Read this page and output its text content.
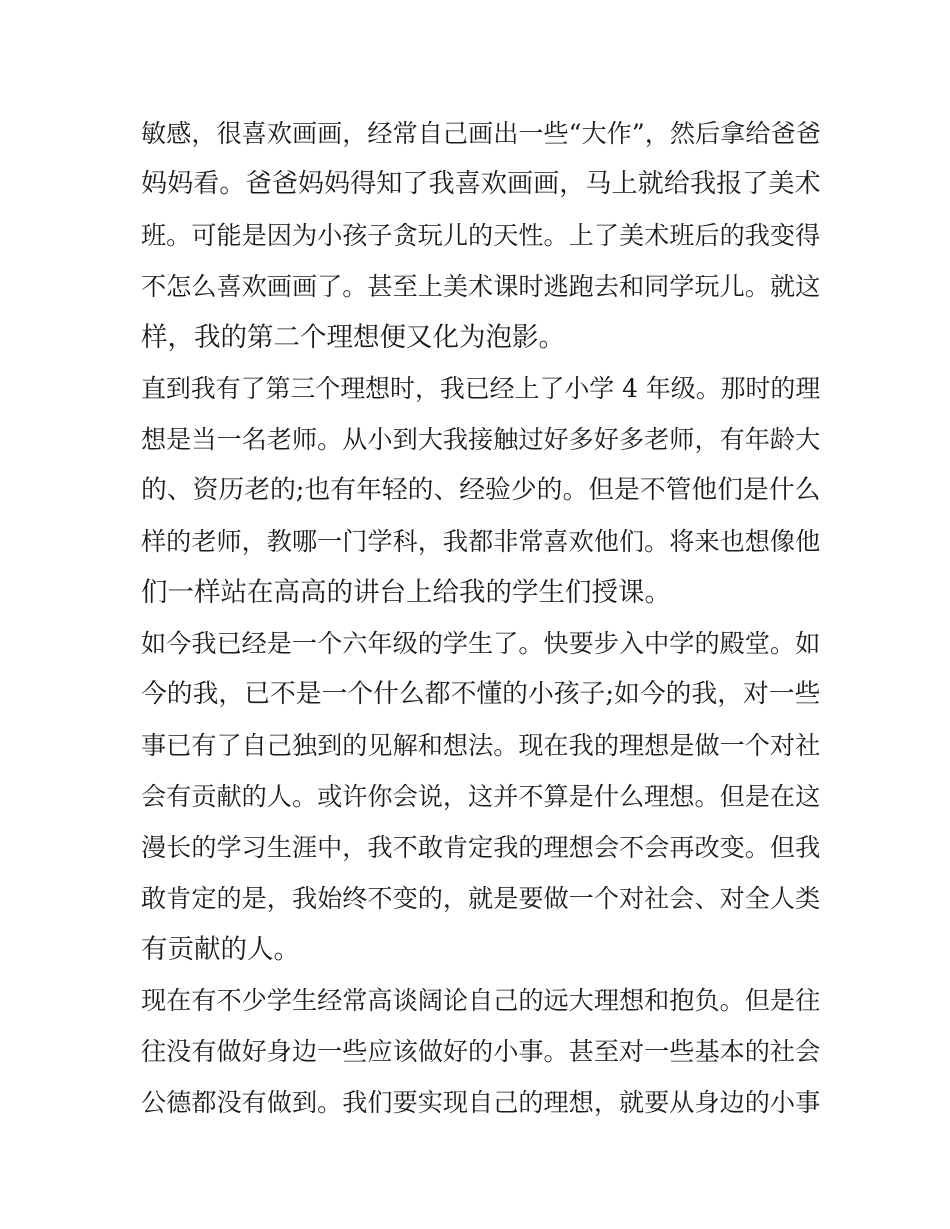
敏感，很喜欢画画，经常自己画出一些“大作”，然后拿给爸爸
妈妈看。爸爸妈妈得知了我喜欢画画，马上就给我报了美术
班。可能是因为小孩子贪玩儿的天性。上了美术班后的我变得
不怎么喜欢画画了。甚至上美术课时逃跑去和同学玩儿。就这
样，我的第二个理想便又化为泡影。
直到我有了第三个理想时，我已经上了小学 4 年级。那时的理
想是当一名老师。从小到大我接触过好多好多老师，有年龄大
的、资历老的;也有年轻的、经验少的。但是不管他们是什么
样的老师，教哪一门学科，我都非常喜欢他们。将来也想像他
们一样站在高高的讲台上给我的学生们授课。
如今我已经是一个六年级的学生了。快要步入中学的殿堂。如
今的我，已不是一个什么都不懂的小孩子;如今的我，对一些
事已有了自己独到的见解和想法。现在我的理想是做一个对社
会有贡献的人。或许你会说，这并不算是什么理想。但是在这
漫长的学习生涯中，我不敢肯定我的理想会不会再改变。但我
敢肯定的是，我始终不变的，就是要做一个对社会、对全人类
有贡献的人。
现在有不少学生经常高谈阔论自己的远大理想和抱负。但是往
往没有做好身边一些应该做好的小事。甚至对一些基本的社会
公德都没有做到。我们要实现自己的理想，就要从身边的小事
